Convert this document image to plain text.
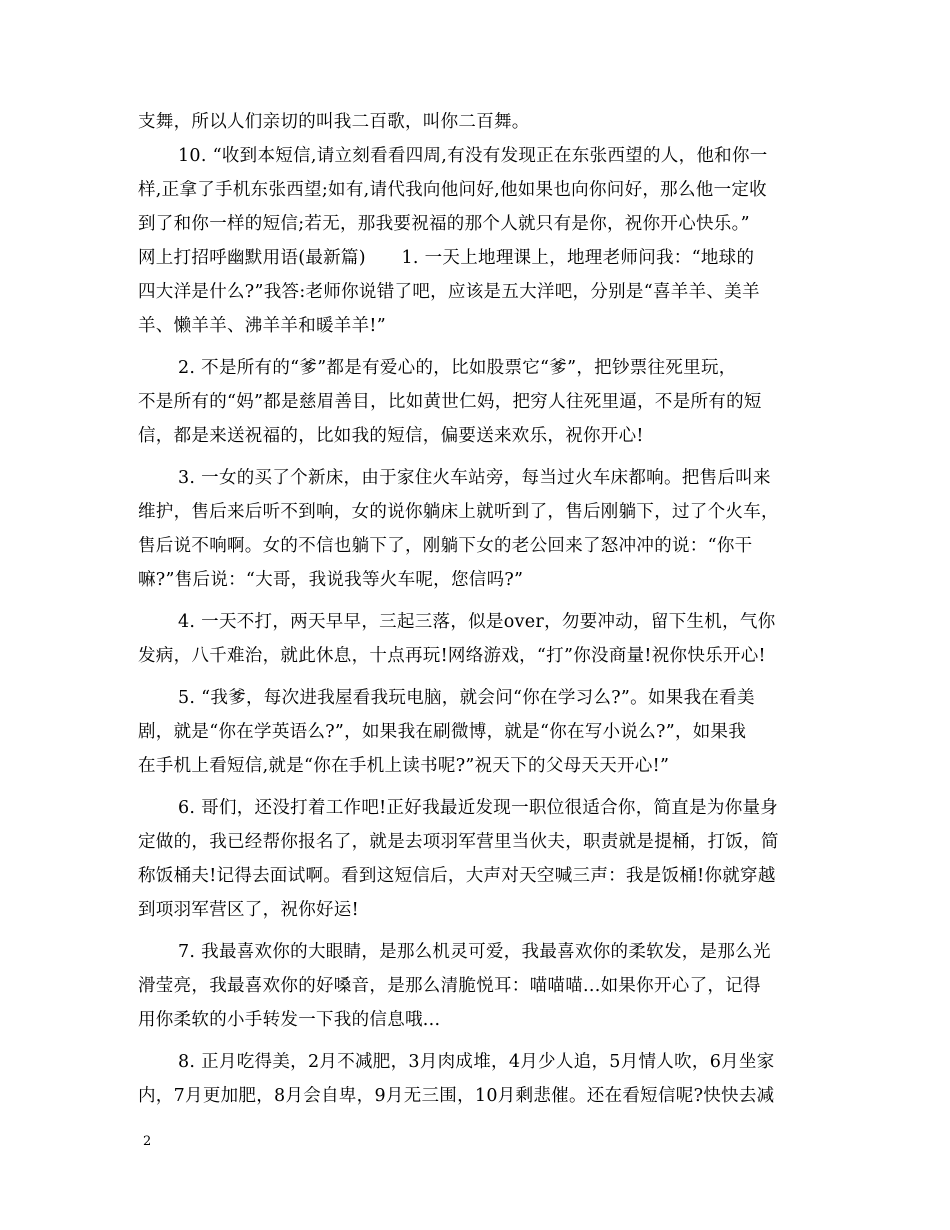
支舞，所以人们亲切的叫我二百歌，叫你二百舞。
10. “收到本短信,请立刻看看四周,有没有发现正在东张西望的人，他和你一
样,正拿了手机东张西望;如有,请代我向他问好,他如果也向你问好，那么他一定收
到了和你一样的短信;若无，那我要祝福的那个人就只有是你，祝你开心快乐。”
网上打招呼幽默用语(最新篇)　　1. 一天上地理课上，地理老师问我：“地球的
四大洋是什么?”我答:老师你说错了吧，应该是五大洋吧，分别是“喜羊羊、美羊
羊、懒羊羊、沸羊羊和暖羊羊!”
2. 不是所有的“爹”都是有爱心的，比如股票它“爹”，把钞票往死里玩，
不是所有的“妈”都是慈眉善目，比如黄世仁妈，把穷人往死里逼，不是所有的短
信，都是来送祝福的，比如我的短信，偏要送来欢乐，祝你开心!
3. 一女的买了个新床，由于家住火车站旁，每当过火车床都响。把售后叫来
维护，售后来后听不到响，女的说你躺床上就听到了，售后刚躺下，过了个火车，
售后说不响啊。女的不信也躺下了，刚躺下女的老公回来了怒冲冲的说：“你干
嘛?”售后说：“大哥，我说我等火车呢，您信吗?”
4. 一天不打，两天早早，三起三落，似是over，勿要冲动，留下生机，气你
发病，八千难治，就此休息，十点再玩!网络游戏，“打”你没商量!祝你快乐开心!
5. “我爹，每次进我屋看我玩电脑，就会问“你在学习么?”。如果我在看美
剧，就是“你在学英语么?”，如果我在刷微博，就是“你在写小说么?”，如果我
在手机上看短信,就是“你在手机上读书呢?”祝天下的父母天天开心!”
6. 哥们，还没打着工作吧!正好我最近发现一职位很适合你，简直是为你量身
定做的，我已经帮你报名了，就是去项羽军营里当伙夫，职责就是提桶，打饭，简
称饭桶夫!记得去面试啊。看到这短信后，大声对天空喊三声：我是饭桶!你就穿越
到项羽军营区了，祝你好运!
7. 我最喜欢你的大眼睛，是那么机灵可爱，我最喜欢你的柔软发，是那么光
滑莹亮，我最喜欢你的好嗓音，是那么清脆悦耳：喵喵喵...如果你开心了，记得
用你柔软的小手转发一下我的信息哦...
8. 正月吃得美，2月不减肥，3月肉成堆，4月少人追，5月情人吹，6月坐家
内，7月更加肥，8月会自卑，9月无三围，10月剩悲催。还在看短信呢?快快去减
2
